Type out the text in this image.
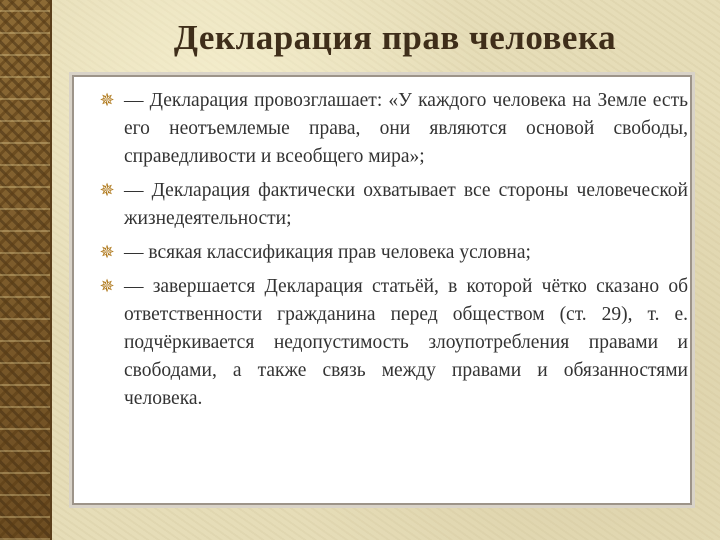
Декларация прав человека
✵ — Декларация провозглашает: «У каждого человека на Земле есть его неотъемлемые права, они являются основой свободы, справедливости и всеобщего мира»;
✵ — Декларация фактически охватывает все стороны человеческой жизнедеятельности;
✵ — всякая классификация прав человека условна;
✵ — завершается Декларация статьёй, в которой чётко сказано об ответственности гражданина перед обществом (ст. 29), т. е. подчёркивается недопустимость злоупотребления правами и свободами, а также связь между правами и обязанностями человека.
